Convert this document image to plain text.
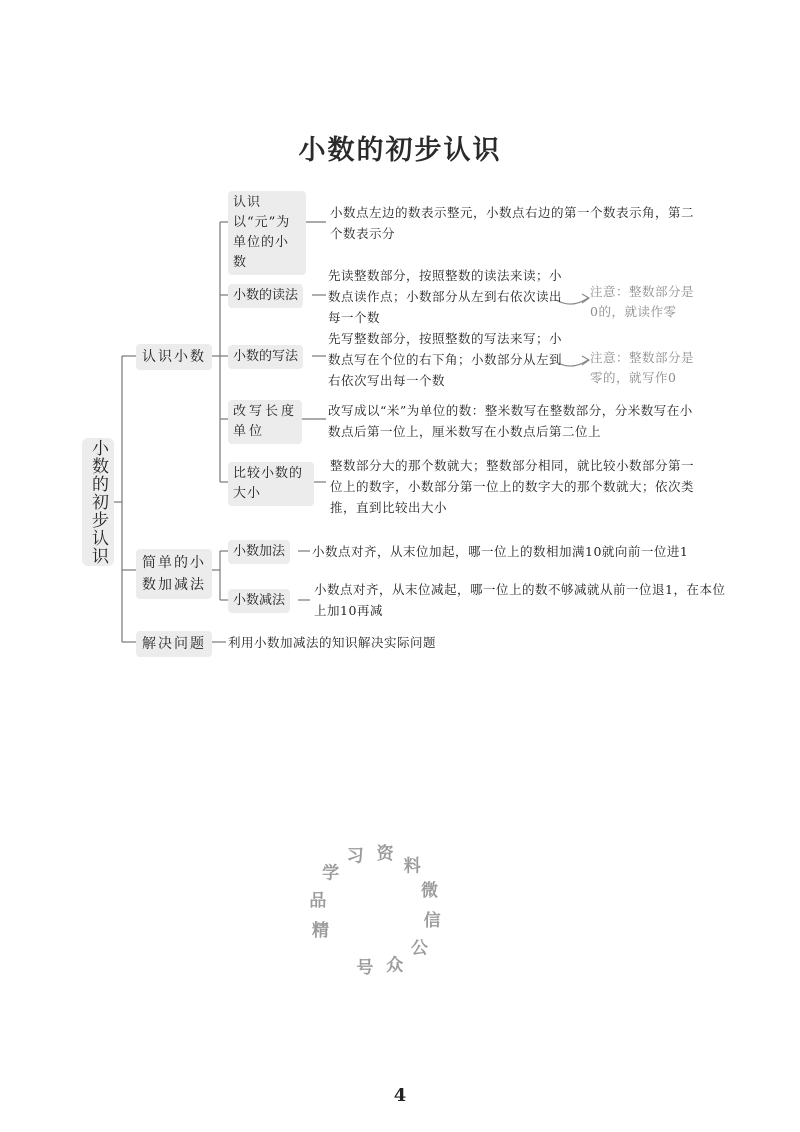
小数的初步认识
小数的初步认识
认识小数
简单的小数加减法
解决问题
认识以“元”为单位的小数
小数的读法
小数的写法
改写长度单位
比较小数的大小
小数加法
小数减法
小数点左边的数表示整元，小数点右边的第一个数表示角，第二个数表示分
先读整数部分，按照整数的读法来读；小数点读作点；小数部分从左到右依次读出每一个数
先写整数部分，按照整数的写法来写；小数点写在个位的右下角；小数部分从左到右依次写出每一个数
改写成以“米”为单位的数：整米数写在整数部分，分米数写在小数点后第一位上，厘米数写在小数点后第二位上
整数部分大的那个数就大；整数部分相同，就比较小数部分第一位上的数字，小数部分第一位上的数字大的那个数就大；依次类推，直到比较出大小
小数点对齐，从末位加起，哪一位上的数相加满10就向前一位进1
小数点对齐，从末位减起，哪一位上的数不够减就从前一位退1，在本位上加10再减
利用小数加减法的知识解决实际问题
注意：整数部分是0的，就读作零
注意：整数部分是零的，就写作0
精
品
学
习 资
料
微
信
公
众
号
4
